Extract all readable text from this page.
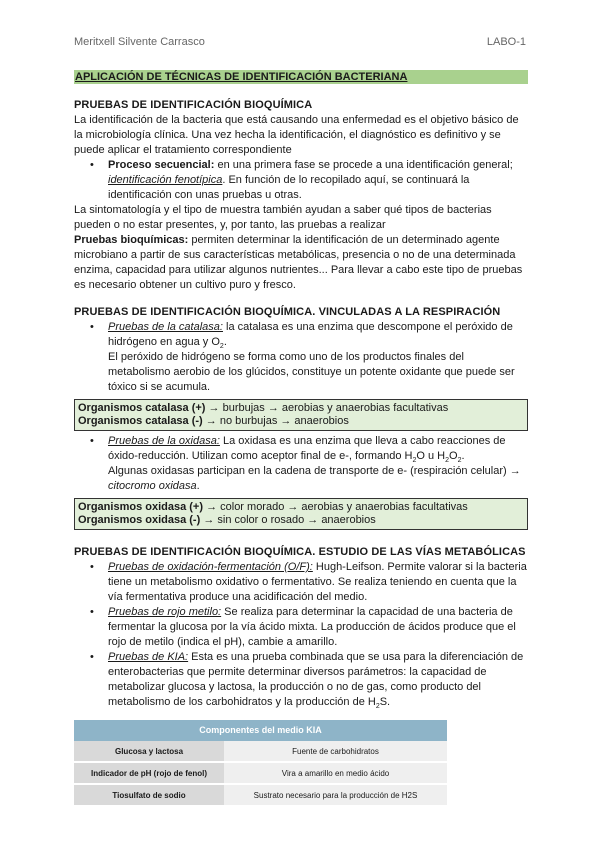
Meritxell Silvente Carrasco	LABO-1
APLICACIÓN DE TÉCNICAS DE IDENTIFICACIÓN BACTERIANA
PRUEBAS DE IDENTIFICACIÓN BIOQUÍMICA

La identificación de la bacteria que está causando una enfermedad es el objetivo básico de la microbiología clínica. Una vez hecha la identificación, el diagnóstico es definitivo y se puede aplicar el tratamiento correspondiente

• Proceso secuencial: en una primera fase se procede a una identificación general; identificación fenotípica. En función de lo recopilado aquí, se continuará la identificación con unas pruebas u otras.

La sintomatología y el tipo de muestra también ayudan a saber qué tipos de bacterias pueden o no estar presentes, y, por tanto, las pruebas a realizar

Pruebas bioquímicas: permiten determinar la identificación de un determinado agente microbiano a partir de sus características metabólicas, presencia o no de una determinada enzima, capacidad para utilizar algunos nutrientes... Para llevar a cabo este tipo de pruebas es necesario obtener un cultivo puro y fresco.

PRUEBAS DE IDENTIFICACIÓN BIOQUÍMICA. VINCULADAS A LA RESPIRACIÓN
• Pruebas de la catalasa: la catalasa es una enzima que descompone el peróxido de hidrógeno en agua y $O_2$.
El peróxido de hidrógeno se forma como uno de los productos finales del metabolismo aerobio de los glúcidos, constituye un potente oxidante que puede ser tóxico si se acumula.
Organismos catalasa (+) → burbujas → aerobias y anaerobias facultativas
Organismos catalasa (-) → no burbujas → anaerobios
• Pruebas de la oxidasa: La oxidasa es una enzima que lleva a cabo reacciones de óxido-reducción. Utilizan como aceptor final de e-, formando $H_2O$ u $H_2O_2$.
Algunas oxidasas participan en la cadena de transporte de e- (respiración celular) → citocromo oxidasa.
Organismos oxidasa (+) → color morado → aerobias y anaerobias facultativas
Organismos oxidasa (-) → sin color o rosado → anaerobios
PRUEBAS DE IDENTIFICACIÓN BIOQUÍMICA. ESTUDIO DE LAS VÍAS METABÓLICAS
• Pruebas de oxidación-fermentación (O/F): Hugh-Leifson. Permite valorar si la bacteria tiene un metabolismo oxidativo o fermentativo. Se realiza teniendo en cuenta que la vía fermentativa produce una acidificación del medio.
• Pruebas de rojo metilo: Se realiza para determinar la capacidad de una bacteria de fermentar la glucosa por la vía ácido mixta. La producción de ácidos produce que el rojo de metilo (indica el pH), cambie a amarillo.
• Pruebas de KIA: Esta es una prueba combinada que se usa para la diferenciación de enterobacterias que permite determinar diversos parámetros: la capacidad de metabolizar glucosa y lactosa, la producción o no de gas, como producto del metabolismo de los carbohidratos y la producción de $H_2S$.
Componentes del medio KIA	
Glucosa y lactosa	Fuente de carbohidratos
Indicador de pH (rojo de fenol)	Vira a amarillo en medio ácido
Tiosulfato de sodio	Sustrato necesario para la producción de H2S
